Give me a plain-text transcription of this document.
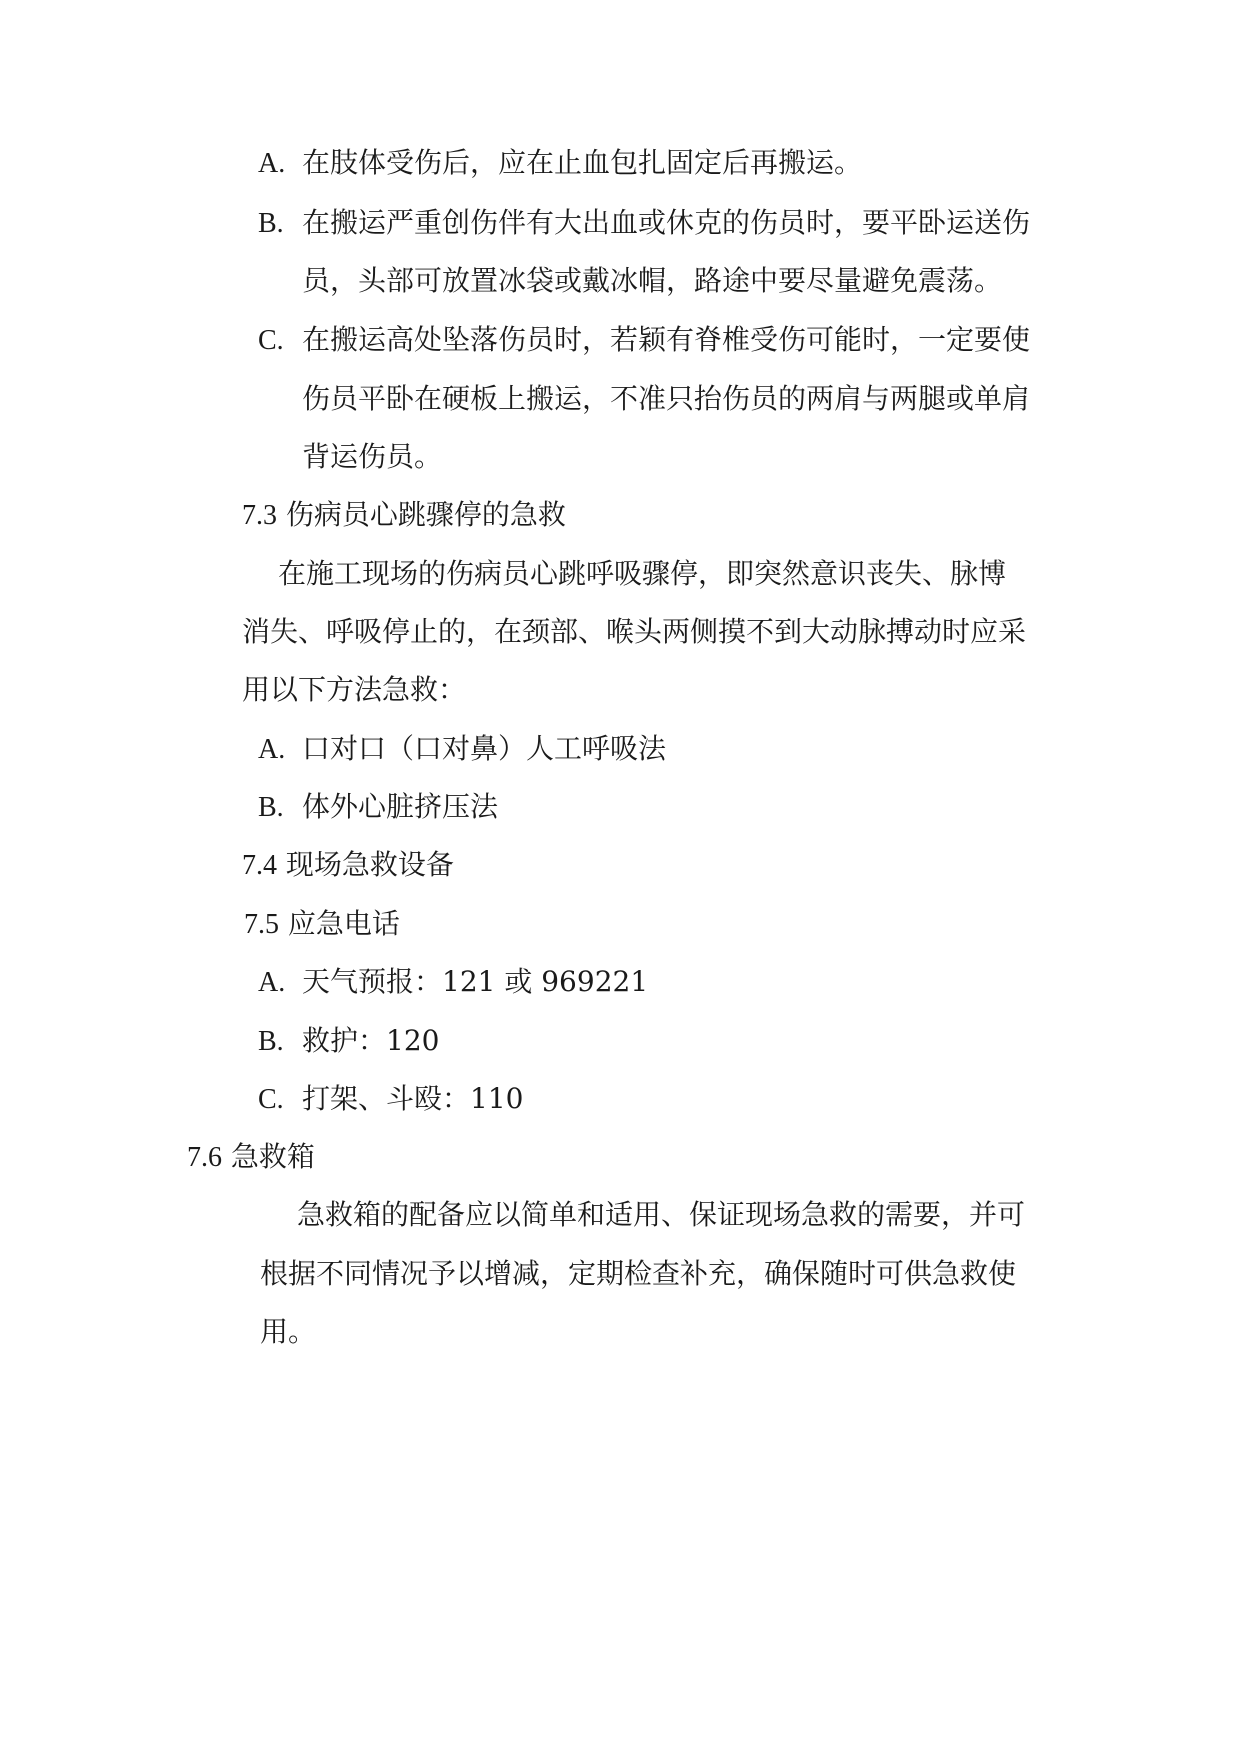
A. 在肢体受伤后，应在止血包扎固定后再搬运。
B. 在搬运严重创伤伴有大出血或休克的伤员时，要平卧运送伤
员，头部可放置冰袋或戴冰帽，路途中要尽量避免震荡。
C. 在搬运高处坠落伤员时，若颖有脊椎受伤可能时，一定要使
伤员平卧在硬板上搬运，不准只抬伤员的两肩与两腿或单肩
背运伤员。
7.3 伤病员心跳骤停的急救
在施工现场的伤病员心跳呼吸骤停，即突然意识丧失、脉博
消失、呼吸停止的，在颈部、喉头两侧摸不到大动脉搏动时应采
用以下方法急救：
A. 口对口（口对鼻）人工呼吸法
B. 体外心脏挤压法
7.4 现场急救设备
7.5 应急电话
A. 天气预报：121 或 969221
B. 救护：120
C. 打架、斗殴：110
7.6 急救箱
急救箱的配备应以简单和适用、保证现场急救的需要，并可
根据不同情况予以增减，定期检查补充，确保随时可供急救使
用。
